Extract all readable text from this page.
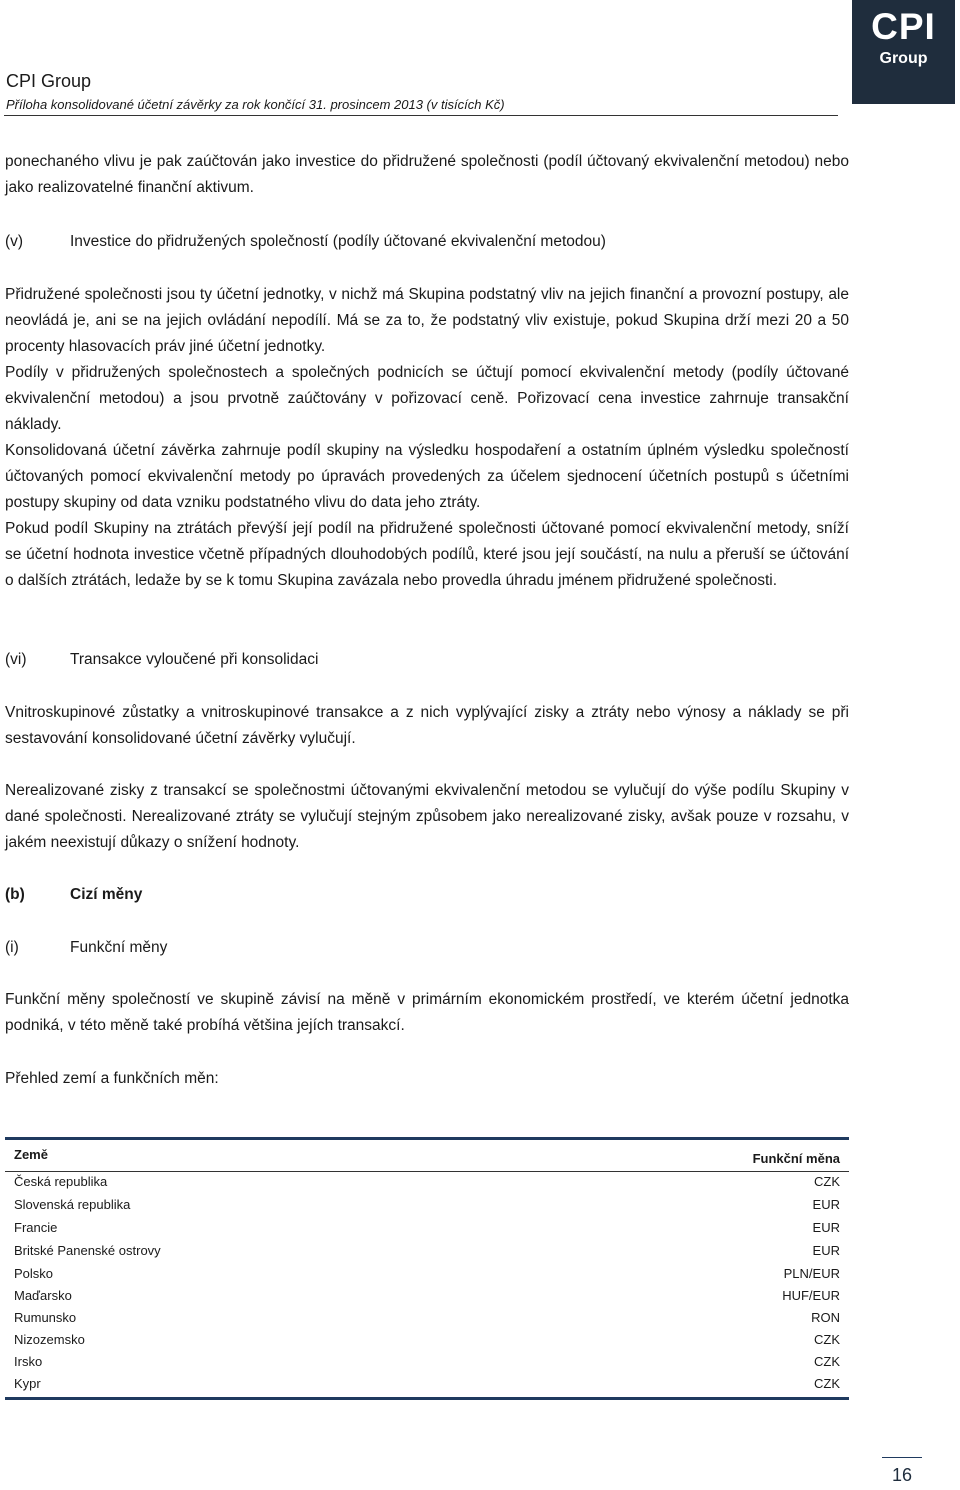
CPI
Group
CPI Group
Příloha konsolidované účetní závěrky za rok končící 31. prosincem 2013 (v tisících Kč)

ponechaného vlivu je pak zaúčtován jako investice do přidružené společnosti (podíl účtovaný ekvivalenční metodou) nebo jako realizovatelné finanční aktivum.

(v)	Investice do přidružených společností (podíly účtované ekvivalenční metodou)

Přidružené společnosti jsou ty účetní jednotky, v nichž má Skupina podstatný vliv na jejich finanční a provozní postupy, ale neovládá je, ani se na jejich ovládání nepodílí. Má se za to, že podstatný vliv existuje, pokud Skupina drží mezi 20 a 50 procenty hlasovacích práv jiné účetní jednotky.

Podíly v přidružených společnostech a společných podnicích se účtují pomocí ekvivalenční metody (podíly účtované ekvivalenční metodou) a jsou prvotně zaúčtovány v pořizovací ceně. Pořizovací cena investice zahrnuje transakční náklady.

Konsolidovaná účetní závěrka zahrnuje podíl skupiny na výsledku hospodaření a ostatním úplném výsledku společností účtovaných pomocí ekvivalenční metody po úpravách provedených za účelem sjednocení účetních postupů s účetními postupy skupiny od data vzniku podstatného vlivu do data jeho ztráty.

Pokud podíl Skupiny na ztrátách převýší její podíl na přidružené společnosti účtované pomocí ekvivalenční metody, sníží se účetní hodnota investice včetně případných dlouhodobých podílů, které jsou její součástí, na nulu a přeruší se účtování o dalších ztrátách, ledaže by se k tomu Skupina zavázala nebo provedla úhradu jménem přidružené společnosti.

(vi)	Transakce vyloučené při konsolidaci

Vnitroskupinové zůstatky a vnitroskupinové transakce a z nich vyplývající zisky a ztráty nebo výnosy a náklady se při sestavování konsolidované účetní závěrky vylučují.

Nerealizované zisky z transakcí se společnostmi účtovanými ekvivalenční metodou se vylučují do výše podílu Skupiny v dané společnosti. Nerealizované ztráty se vylučují stejným způsobem jako nerealizované zisky, avšak pouze v rozsahu, v jakém neexistují důkazy o snížení hodnoty.

(b)	Cizí měny
(i)	Funkční měny

Funkční měny společností ve skupině závisí na měně v primárním ekonomickém prostředí, ve kterém účetní jednotka podniká, v této měně také probíhá většina jejích transakcí.

Přehled zemí a funkčních měn:

Země	Funkční měna
Česká republika	CZK
Slovenská republika	EUR
Francie	EUR
Britské Panenské ostrovy	EUR
Polsko	PLN/EUR
Maďarsko	HUF/EUR
Rumunsko	RON
Nizozemsko	CZK
Irsko	CZK
Kypr	CZK
16
